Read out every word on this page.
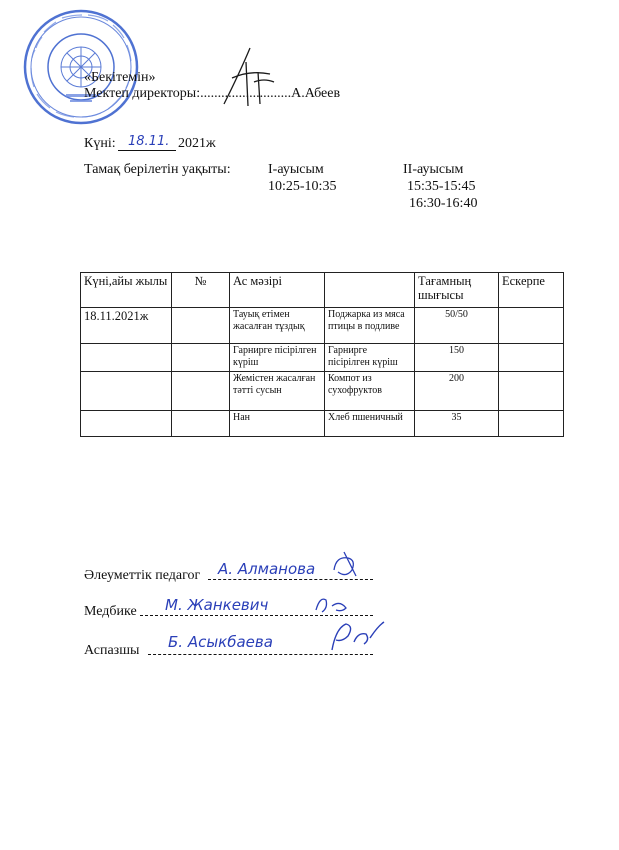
«Бекітемін»
Мектеп директоры:..........................А.Абеев
Күні: 18.11. 2021ж
Тамақ берілетін уақыты:	I-ауысым
10:25-10:35
II-ауысым
15:35-15:45
16:30-16:40
Күні,айы жылы	№	Ас мәзірі		Тағамның шығысы	Ескерпе
18.11.2021ж		Тауық етімен жасалған тұздық	Поджарка из мяса птицы в подливе	50/50	
		Гарнирге пісірілген күріш	Гарнирге пісірілген күріш	150	
		Жемістен жасалған тәтті сусын	Компот из сухофруктов	200	
		Нан	Хлеб пшеничный	35	
Әлеуметтік педагог А. Алманова
Медбике М. Жанкевич
Аспазшы Б. Асыкбаева
